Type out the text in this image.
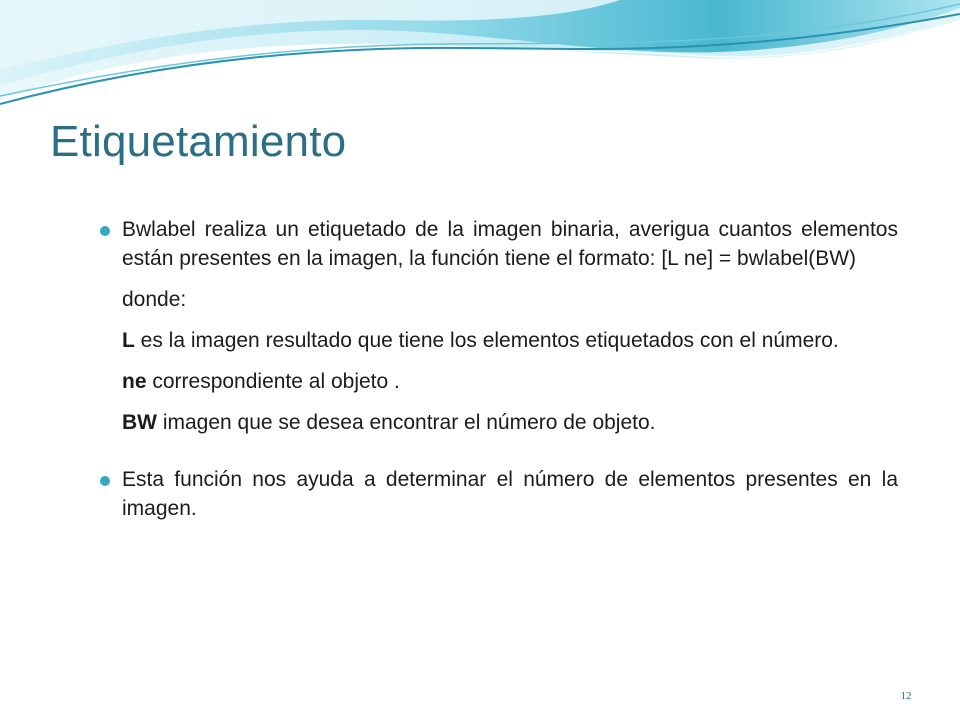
Etiquetamiento

Bwlabel realiza un etiquetado de la imagen binaria, averigua cuantos elementos están presentes en la imagen, la función tiene el formato: [L ne] = bwlabel(BW)

donde:

L es la imagen resultado que tiene los elementos etiquetados con el número.

ne correspondiente al objeto .

BW imagen que se desea encontrar el número de objeto.

Esta función nos ayuda a determinar el número de elementos presentes en la imagen.

12
